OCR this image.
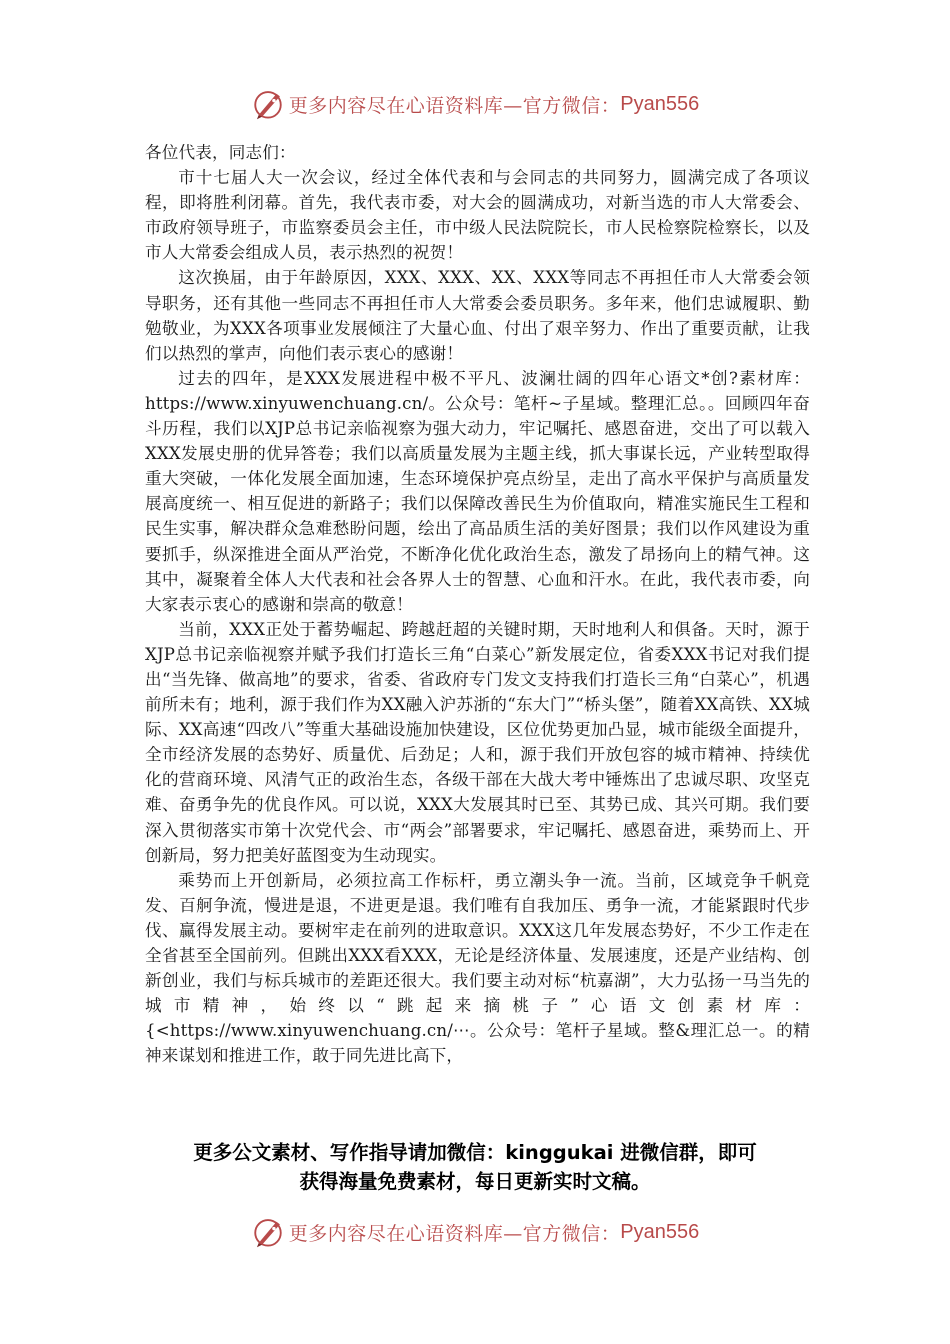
更多内容尽在心语资料库—官方微信： Pyan556

各位代表，同志们：

市十七届人大一次会议，经过全体代表和与会同志的共同努力，圆满完成了各项议程，即将胜利闭幕。首先，我代表市委，对大会的圆满成功，对新当选的市人大常委会、市政府领导班子，市监察委员会主任，市中级人民法院院长，市人民检察院检察长，以及市人大常委会组成人员，表示热烈的祝贺！

这次换届，由于年龄原因，XXX、XXX、XX、XXX等同志不再担任市人大常委会领导职务，还有其他一些同志不再担任市人大常委会委员职务。多年来，他们忠诚履职、勤勉敬业，为XXX各项事业发展倾注了大量心血、付出了艰辛努力、作出了重要贡献，让我们以热烈的掌声，向他们表示衷心的感谢！

过去的四年，是XXX发展进程中极不平凡、波澜壮阔的四年心语文*创?素材库：https://www.xinyuwenchuang.cn/。公众号：笔杆~子星域。整理汇总。。回顾四年奋斗历程，我们以XJP总书记亲临视察为强大动力，牢记嘱托、感恩奋进，交出了可以载入XXX发展史册的优异答卷；我们以高质量发展为主题主线，抓大事谋长远，产业转型取得重大突破，一体化发展全面加速，生态环境保护亮点纷呈，走出了高水平保护与高质量发展高度统一、相互促进的新路子；我们以保障改善民生为价值取向，精准实施民生工程和民生实事，解决群众急难愁盼问题，绘出了高品质生活的美好图景；我们以作风建设为重要抓手，纵深推进全面从严治党，不断净化优化政治生态，激发了昂扬向上的精气神。这其中，凝聚着全体人大代表和社会各界人士的智慧、心血和汗水。在此，我代表市委，向大家表示衷心的感谢和崇高的敬意！

当前，XXX正处于蓄势崛起、跨越赶超的关键时期，天时地利人和俱备。天时，源于XJP总书记亲临视察并赋予我们打造长三角“白菜心”新发展定位，省委XXX书记对我们提出“当先锋、做高地”的要求，省委、省政府专门发文支持我们打造长三角“白菜心”，机遇前所未有；地利，源于我们作为XX融入沪苏浙的“东大门”“桥头堡”，随着XX高铁、XX城际、XX高速“四改八”等重大基础设施加快建设，区位优势更加凸显，城市能级全面提升，全市经济发展的态势好、质量优、后劲足；人和，源于我们开放包容的城市精神、持续优化的营商环境、风清气正的政治生态，各级干部在大战大考中锤炼出了忠诚尽职、攻坚克难、奋勇争先的优良作风。可以说，XXX大发展其时已至、其势已成、其兴可期。我们要深入贯彻落实市第十次党代会、市“两会”部署要求，牢记嘱托、感恩奋进，乘势而上、开创新局，努力把美好蓝图变为生动现实。

乘势而上开创新局，必须拉高工作标杆，勇立潮头争一流。当前，区域竞争千帆竞发、百舸争流，慢进是退，不进更是退。我们唯有自我加压、勇争一流，才能紧跟时代步伐、赢得发展主动。要树牢走在前列的进取意识。XXX这几年发展态势好，不少工作走在全省甚至全国前列。但跳出XXX看XXX，无论是经济体量、发展速度，还是产业结构、创新创业，我们与标兵城市的差距还很大。我们要主动对标“杭嘉湖”，大力弘扬一马当先的城市精神，始终以“跳起来摘桃子”心语文创素材库：{<https://www.xinyuwenchuang.cn/⋯。公众号：笔杆子星域。整&理汇总一。的精神来谋划和推进工作，敢于同先进比高下，

更多公文素材、写作指导请加微信：kinggukai 进微信群，即可
获得海量免费素材，每日更新实时文稿。
更多内容尽在心语资料库—官方微信： Pyan556
